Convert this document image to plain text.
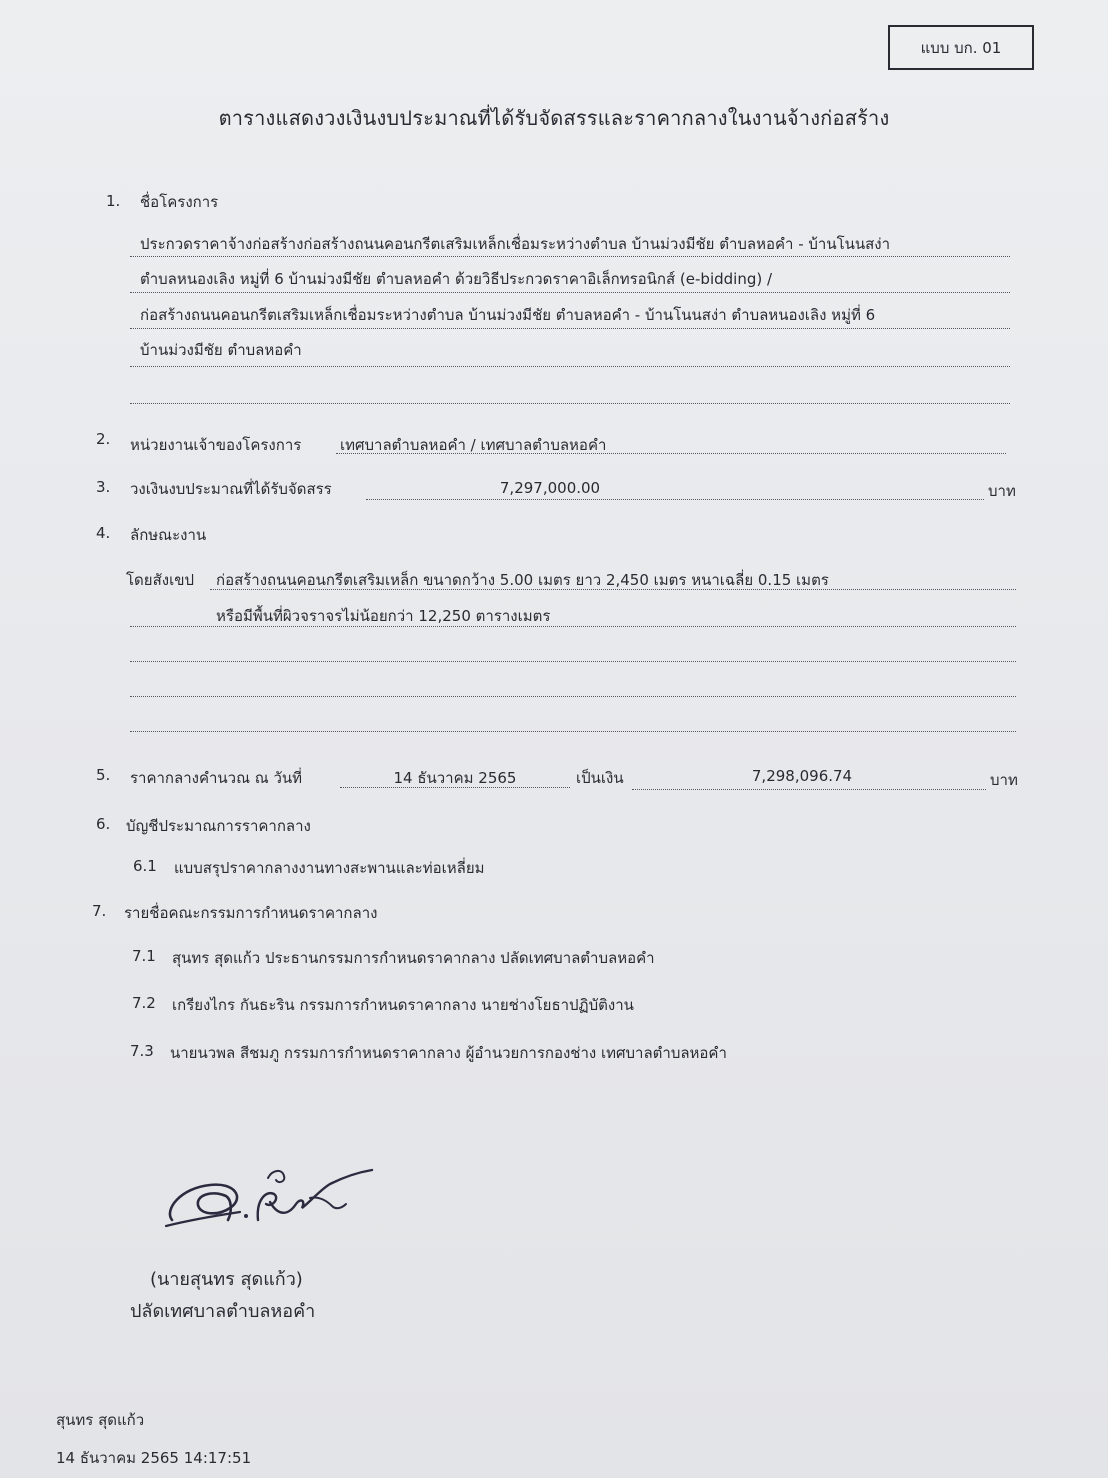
แบบ บก. 01
ตารางแสดงวงเงินงบประมาณที่ได้รับจัดสรรและราคากลางในงานจ้างก่อสร้าง
1. ชื่อโครงการ
ประกวดราคาจ้างก่อสร้างก่อสร้างถนนคอนกรีตเสริมเหล็กเชื่อมระหว่างตำบล บ้านม่วงมีชัย ตำบลหอคำ - บ้านโนนสง่า
ตำบลหนองเลิง หมู่ที่ 6 บ้านม่วงมีชัย ตำบลหอคำ ด้วยวิธีประกวดราคาอิเล็กทรอนิกส์ (e-bidding) /
ก่อสร้างถนนคอนกรีตเสริมเหล็กเชื่อมระหว่างตำบล บ้านม่วงมีชัย ตำบลหอคำ - บ้านโนนสง่า ตำบลหนองเลิง หมู่ที่ 6
บ้านม่วงมีชัย ตำบลหอคำ
2. หน่วยงานเจ้าของโครงการ	เทศบาลตำบลหอคำ / เทศบาลตำบลหอคำ
3. วงเงินงบประมาณที่ได้รับจัดสรร	7,297,000.00	บาท
4. ลักษณะงาน
โดยสังเขป ก่อสร้างถนนคอนกรีตเสริมเหล็ก ขนาดกว้าง 5.00 เมตร ยาว 2,450 เมตร หนาเฉลี่ย 0.15 เมตร
หรือมีพื้นที่ผิวจราจรไม่น้อยกว่า 12,250 ตารางเมตร
5. ราคากลางคำนวณ ณ วันที่	14 ธันวาคม 2565	เป็นเงิน	7,298,096.74	บาท
6. บัญชีประมาณการราคากลาง
6.1 แบบสรุปราคากลางงานทางสะพานและท่อเหลี่ยม
7. รายชื่อคณะกรรมการกำหนดราคากลาง
7.1 สุนทร สุดแก้ว ประธานกรรมการกำหนดราคากลาง ปลัดเทศบาลตำบลหอคำ
7.2 เกรียงไกร กันธะริน กรรมการกำหนดราคากลาง นายช่างโยธาปฏิบัติงาน
7.3 นายนวพล สีชมภู กรรมการกำหนดราคากลาง ผู้อำนวยการกองช่าง เทศบาลตำบลหอคำ
(นายสุนทร สุดแก้ว)
ปลัดเทศบาลตำบลหอคำ
สุนทร สุดแก้ว
14 ธันวาคม 2565 14:17:51
